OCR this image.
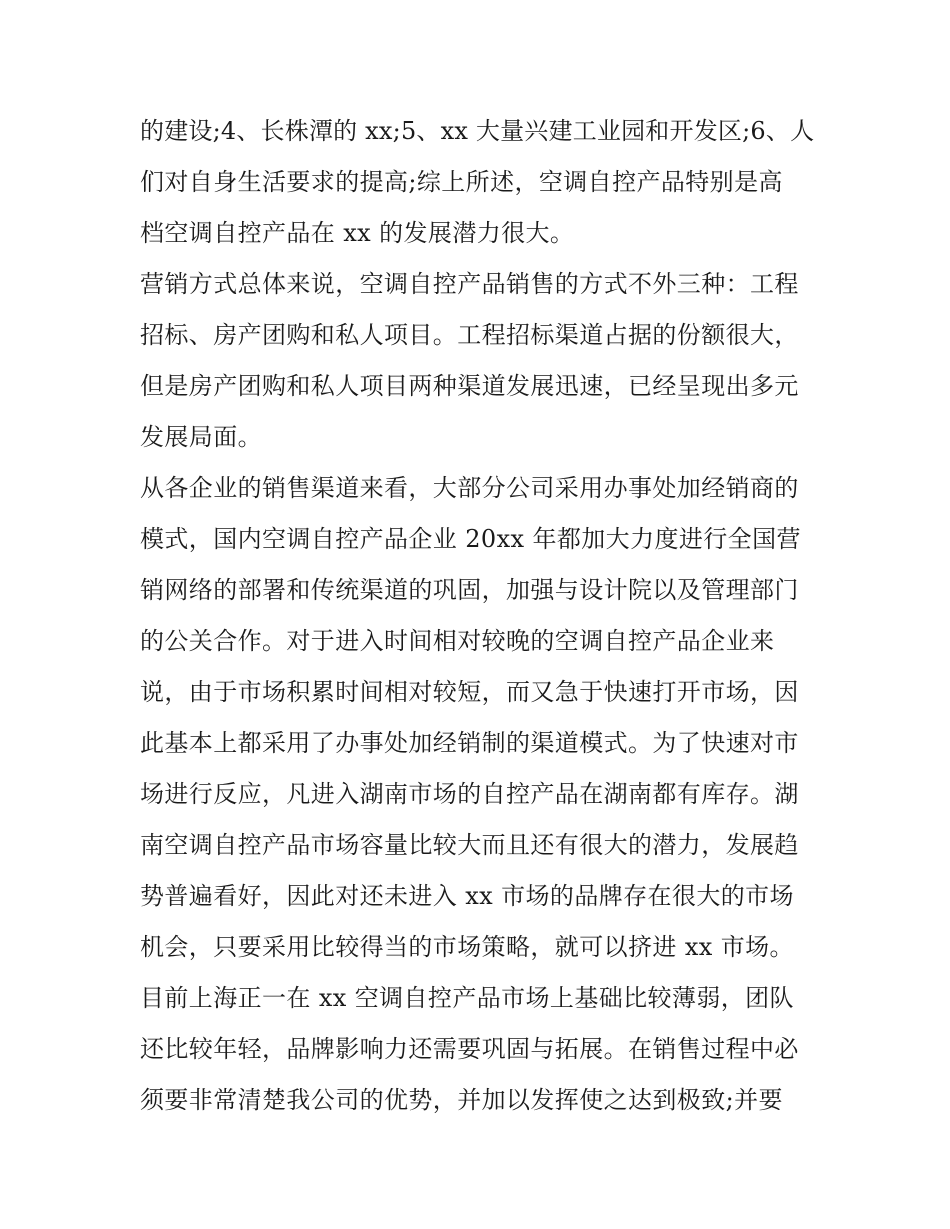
的建设;4、长株潭的 xx;5、xx 大量兴建工业园和开发区;6、人
们对自身生活要求的提高;综上所述，空调自控产品特别是高
档空调自控产品在 xx 的发展潜力很大。
营销方式总体来说，空调自控产品销售的方式不外三种：工程
招标、房产团购和私人项目。工程招标渠道占据的份额很大，
但是房产团购和私人项目两种渠道发展迅速，已经呈现出多元
发展局面。
从各企业的销售渠道来看，大部分公司采用办事处加经销商的
模式，国内空调自控产品企业 20xx 年都加大力度进行全国营
销网络的部署和传统渠道的巩固，加强与设计院以及管理部门
的公关合作。对于进入时间相对较晚的空调自控产品企业来
说，由于市场积累时间相对较短，而又急于快速打开市场，因
此基本上都采用了办事处加经销制的渠道模式。为了快速对市
场进行反应，凡进入湖南市场的自控产品在湖南都有库存。湖
南空调自控产品市场容量比较大而且还有很大的潜力，发展趋
势普遍看好，因此对还未进入 xx 市场的品牌存在很大的市场
机会，只要采用比较得当的市场策略，就可以挤进 xx 市场。
目前上海正一在 xx 空调自控产品市场上基础比较薄弱，团队
还比较年轻，品牌影响力还需要巩固与拓展。在销售过程中必
须要非常清楚我公司的优势，并加以发挥使之达到极致;并要
